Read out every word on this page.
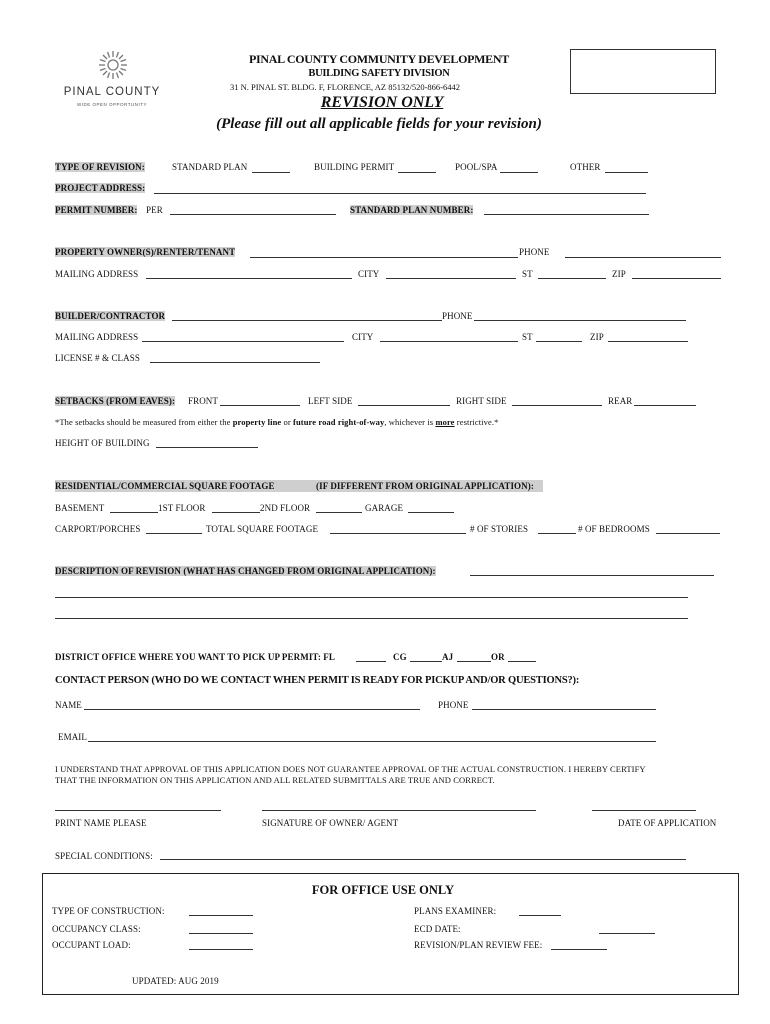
PINAL COUNTY
WIDE OPEN OPPORTUNITY
PINAL COUNTY COMMUNITY DEVELOPMENT
BUILDING SAFETY DIVISION
31 N. PINAL ST. BLDG. F, FLORENCE, AZ 85132/520-866-6442
REVISION ONLY
(Please fill out all applicable fields for your revision)
TYPE OF REVISION:	STANDARD PLAN	BUILDING PERMIT	POOL/SPA	OTHER
PROJECT ADDRESS:
PERMIT NUMBER: PER	STANDARD PLAN NUMBER:
PROPERTY OWNER(S)/RENTER/TENANT	PHONE
MAILING ADDRESS	CITY	ST	ZIP
BUILDER/CONTRACTOR	PHONE
MAILING ADDRESS	CITY	ST	ZIP
LICENSE # & CLASS
SETBACKS (FROM EAVES): FRONT	LEFT SIDE	RIGHT SIDE	REAR
*The setbacks should be measured from either the property line or future road right-of-way, whichever is more restrictive.*
HEIGHT OF BUILDING
RESIDENTIAL/COMMERCIAL SQUARE FOOTAGE	(IF DIFFERENT FROM ORIGINAL APPLICATION):
BASEMENT	1ST FLOOR	2ND FLOOR	GARAGE
CARPORT/PORCHES	TOTAL SQUARE FOOTAGE	# OF STORIES	# OF BEDROOMS
DESCRIPTION OF REVISION (WHAT HAS CHANGED FROM ORIGINAL APPLICATION):
DISTRICT OFFICE WHERE YOU WANT TO PICK UP PERMIT: FL	CG	AJ	OR
CONTACT PERSON (WHO DO WE CONTACT WHEN PERMIT IS READY FOR PICKUP AND/OR QUESTIONS?):
NAME	PHONE
EMAIL
I UNDERSTAND THAT APPROVAL OF THIS APPLICATION DOES NOT GUARANTEE APPROVAL OF THE ACTUAL CONSTRUCTION. I HEREBY CERTIFY
THAT THE INFORMATION ON THIS APPLICATION AND ALL RELATED SUBMITTALS ARE TRUE AND CORRECT.
PRINT NAME PLEASE	SIGNATURE OF OWNER/ AGENT	DATE OF APPLICATION
SPECIAL CONDITIONS:
FOR OFFICE USE ONLY
TYPE OF CONSTRUCTION:
OCCUPANCY CLASS:
OCCUPANT LOAD:
PLANS EXAMINER:
ECD DATE:
REVISION/PLAN REVIEW FEE:
UPDATED: AUG 2019
